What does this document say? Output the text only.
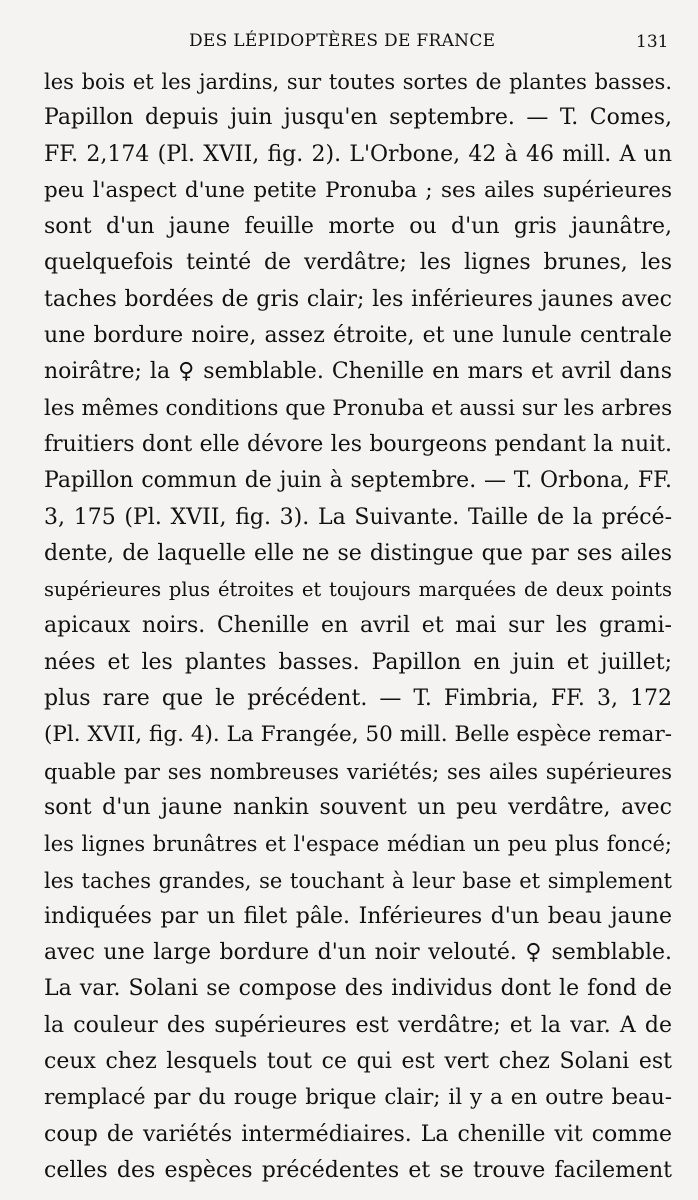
DES LÉPIDOPTÈRES DE FRANCE	131
les bois et les jardins, sur toutes sortes de plantes basses.
Papillon depuis juin jusqu'en septembre. — T. Comes,
FF. 2,174 (Pl. XVII, fig. 2). L'Orbone, 42 à 46 mill. A un
peu l'aspect d'une petite Pronuba ; ses ailes supérieures
sont d'un jaune feuille morte ou d'un gris jaunâtre,
quelquefois teinté de verdâtre; les lignes brunes, les
taches bordées de gris clair; les inférieures jaunes avec
une bordure noire, assez étroite, et une lunule centrale
noirâtre; la ♀ semblable. Chenille en mars et avril dans
les mêmes conditions que Pronuba et aussi sur les arbres
fruitiers dont elle dévore les bourgeons pendant la nuit.
Papillon commun de juin à septembre. — T. Orbona, FF.
3, 175 (Pl. XVII, fig. 3). La Suivante. Taille de la précé-
dente, de laquelle elle ne se distingue que par ses ailes
supérieures plus étroites et toujours marquées de deux points
apicaux noirs. Chenille en avril et mai sur les grami-
nées et les plantes basses. Papillon en juin et juillet;
plus rare que le précédent. — T. Fimbria, FF. 3, 172
(Pl. XVII, fig. 4). La Frangée, 50 mill. Belle espèce remar-
quable par ses nombreuses variétés; ses ailes supérieures
sont d'un jaune nankin souvent un peu verdâtre, avec
les lignes brunâtres et l'espace médian un peu plus foncé;
les taches grandes, se touchant à leur base et simplement
indiquées par un filet pâle. Inférieures d'un beau jaune
avec une large bordure d'un noir velouté. ♀ semblable.
La var. Solani se compose des individus dont le fond de
la couleur des supérieures est verdâtre; et la var. A de
ceux chez lesquels tout ce qui est vert chez Solani est
remplacé par du rouge brique clair; il y a en outre beau-
coup de variétés intermédiaires. La chenille vit comme
celles des espèces précédentes et se trouve facilement
